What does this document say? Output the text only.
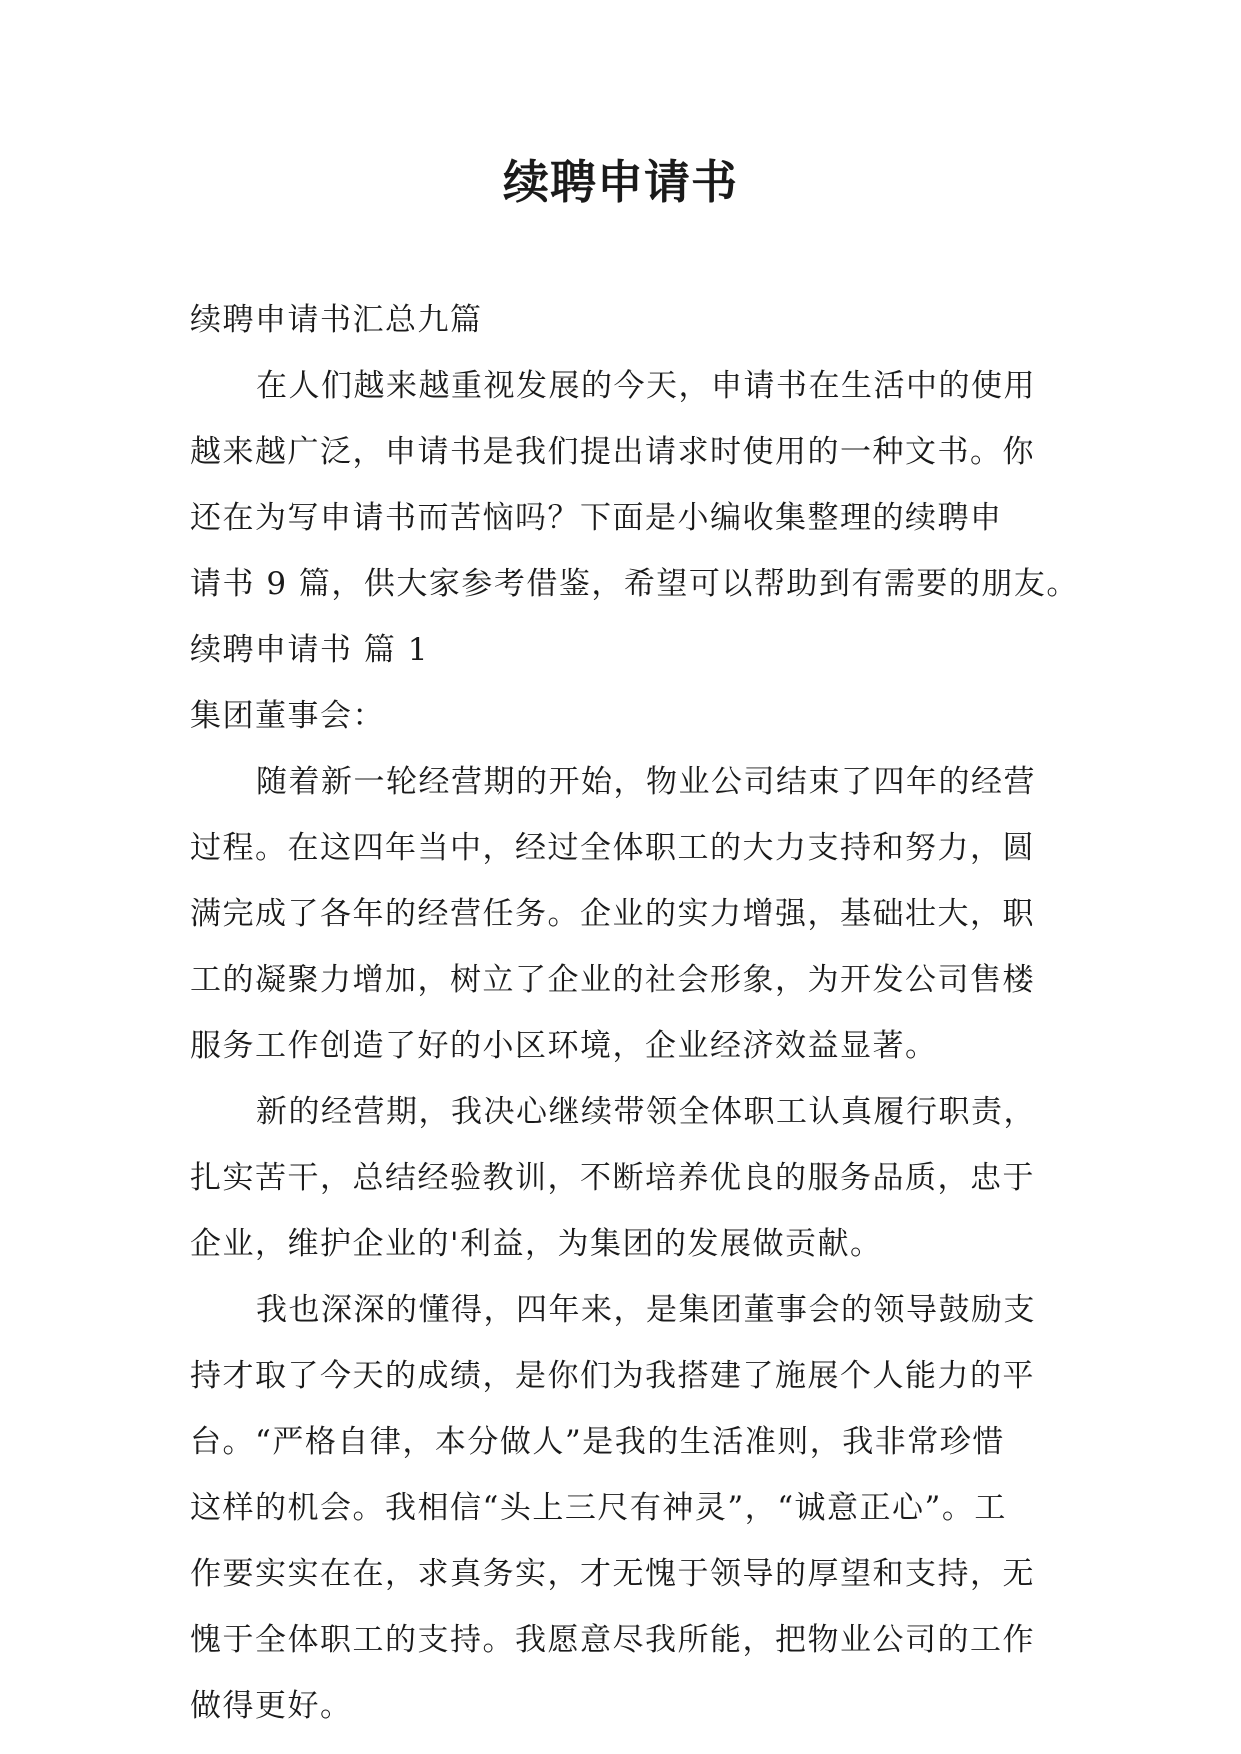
续聘申请书
续聘申请书汇总九篇
在人们越来越重视发展的今天，申请书在生活中的使用
越来越广泛，申请书是我们提出请求时使用的一种文书。你
还在为写申请书而苦恼吗？下面是小编收集整理的续聘申
请书 9 篇，供大家参考借鉴，希望可以帮助到有需要的朋友。
续聘申请书 篇 1
集团董事会：
随着新一轮经营期的开始，物业公司结束了四年的经营
过程。在这四年当中，经过全体职工的大力支持和努力，圆
满完成了各年的经营任务。企业的实力增强，基础壮大，职
工的凝聚力增加，树立了企业的社会形象，为开发公司售楼
服务工作创造了好的小区环境，企业经济效益显著。
新的经营期，我决心继续带领全体职工认真履行职责，
扎实苦干，总结经验教训，不断培养优良的服务品质，忠于
企业，维护企业的'利益，为集团的发展做贡献。
我也深深的懂得，四年来，是集团董事会的领导鼓励支
持才取了今天的成绩，是你们为我搭建了施展个人能力的平
台。“严格自律，本分做人”是我的生活准则，我非常珍惜
这样的机会。我相信“头上三尺有神灵”，“诚意正心”。工
作要实实在在，求真务实，才无愧于领导的厚望和支持，无
愧于全体职工的支持。我愿意尽我所能，把物业公司的工作
做得更好。
